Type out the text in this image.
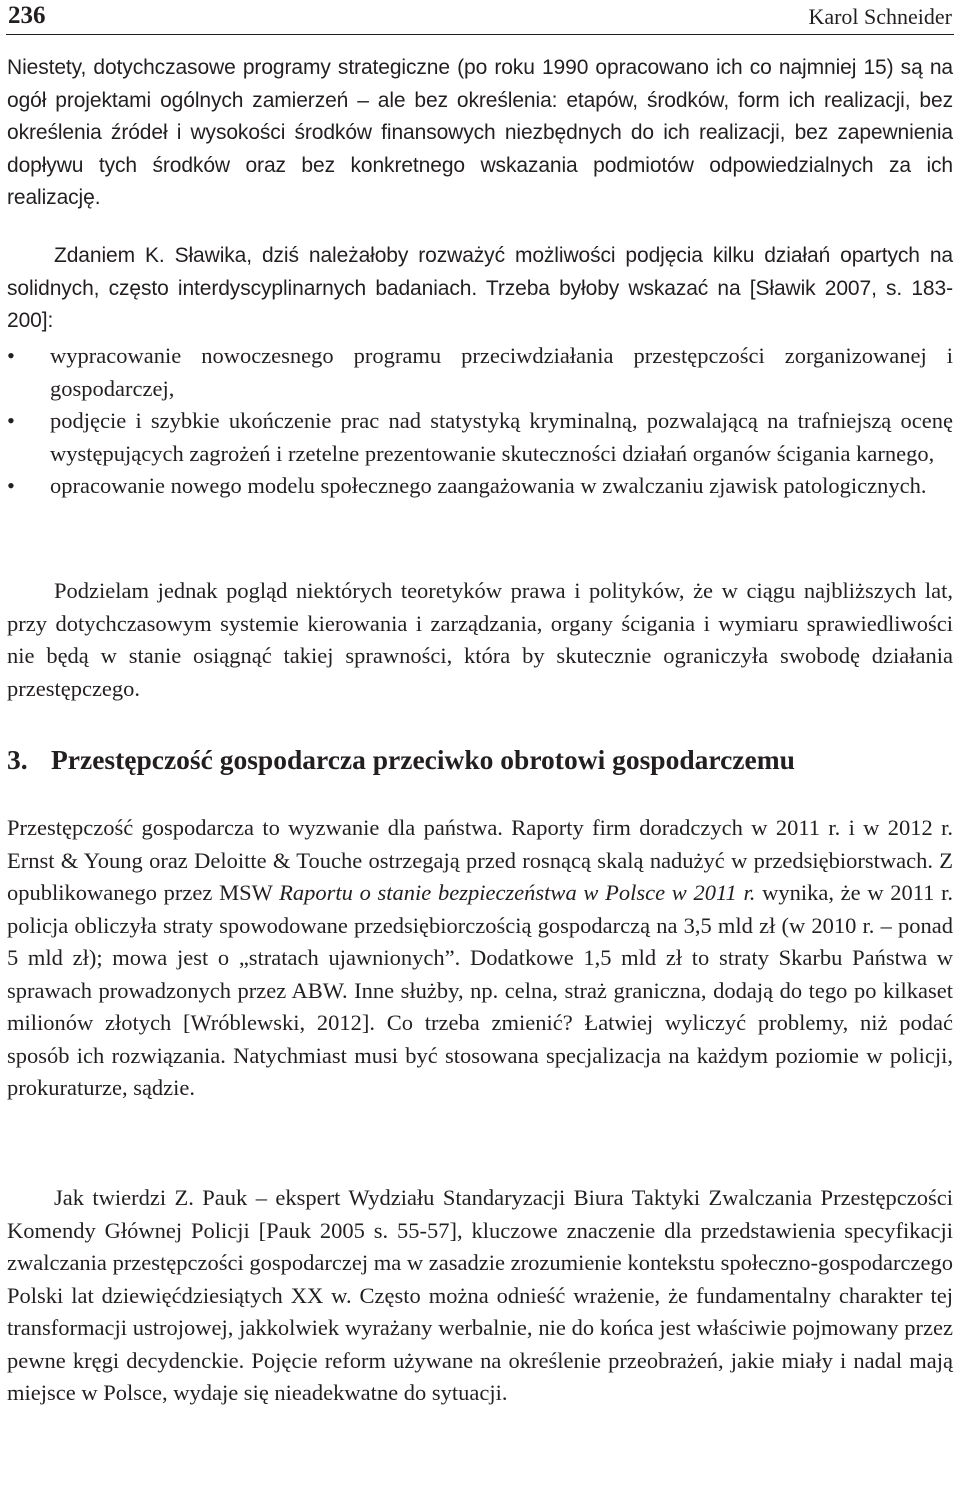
236	Karol Schneider

Niestety, dotychczasowe programy strategiczne (po roku 1990 opracowano ich co najmniej 15) są na ogół projektami ogólnych zamierzeń – ale bez określenia: etapów, środków, form ich realizacji, bez określenia źródeł i wysokości środków finansowych niezbędnych do ich realizacji, bez zapewnienia dopływu tych środków oraz bez konkretnego wskazania podmiotów odpowiedzialnych za ich realizację.

Zdaniem K. Sławika, dziś należałoby rozważyć możliwości podjęcia kilku działań opartych na solidnych, często interdyscyplinarnych badaniach. Trzeba byłoby wskazać na [Sławik 2007, s. 183-200]:

• wypracowanie nowoczesnego programu przeciwdziałania przestępczości zorganizowanej i gospodarczej,
• podjęcie i szybkie ukończenie prac nad statystyką kryminalną, pozwalającą na trafniejszą ocenę występujących zagrożeń i rzetelne prezentowanie skuteczności działań organów ścigania karnego,
• opracowanie nowego modelu społecznego zaangażowania w zwalczaniu zjawisk patologicznych.

Podzielam jednak pogląd niektórych teoretyków prawa i polityków, że w ciągu najbliższych lat, przy dotychczasowym systemie kierowania i zarządzania, organy ścigania i wymiaru sprawiedliwości nie będą w stanie osiągnąć takiej sprawności, która by skutecznie ograniczyła swobodę działania przestępczego.

3. Przestępczość gospodarcza przeciwko obrotowi gospodarczemu

Przestępczość gospodarcza to wyzwanie dla państwa. Raporty firm doradczych w 2011 r. i w 2012 r. Ernst & Young oraz Deloitte & Touche ostrzegają przed rosnącą skalą nadużyć w przedsiębiorstwach. Z opublikowanego przez MSW Raportu o stanie bezpieczeństwa w Polsce w 2011 r. wynika, że w 2011 r. policja obliczyła straty spowodowane przedsiębiorczością gospodarczą na 3,5 mld zł (w 2010 r. – ponad 5 mld zł); mowa jest o „stratach ujawnionych”. Dodatkowe 1,5 mld zł to straty Skarbu Państwa w sprawach prowadzonych przez ABW. Inne służby, np. celna, straż graniczna, dodają do tego po kilkaset milionów złotych [Wróblewski, 2012]. Co trzeba zmienić? Łatwiej wyliczyć problemy, niż podać sposób ich rozwiązania. Natychmiast musi być stosowana specjalizacja na każdym poziomie w policji, prokuraturze, sądzie.

Jak twierdzi Z. Pauk – ekspert Wydziału Standaryzacji Biura Taktyki Zwalczania Przestępczości Komendy Głównej Policji [Pauk 2005 s. 55-57], kluczowe znaczenie dla przedstawienia specyfikacji zwalczania przestępczości gospodarczej ma w zasadzie zrozumienie kontekstu społeczno-gospodarczego Polski lat dziewięćdziesiątych XX w. Często można odnieść wrażenie, że fundamentalny charakter tej transformacji ustrojowej, jakkolwiek wyrażany werbalnie, nie do końca jest właściwie pojmowany przez pewne kręgi decydenckie. Pojęcie reform używane na określenie przeobrażeń, jakie miały i nadal mają miejsce w Polsce, wydaje się nieadekwatne do sytuacji.
